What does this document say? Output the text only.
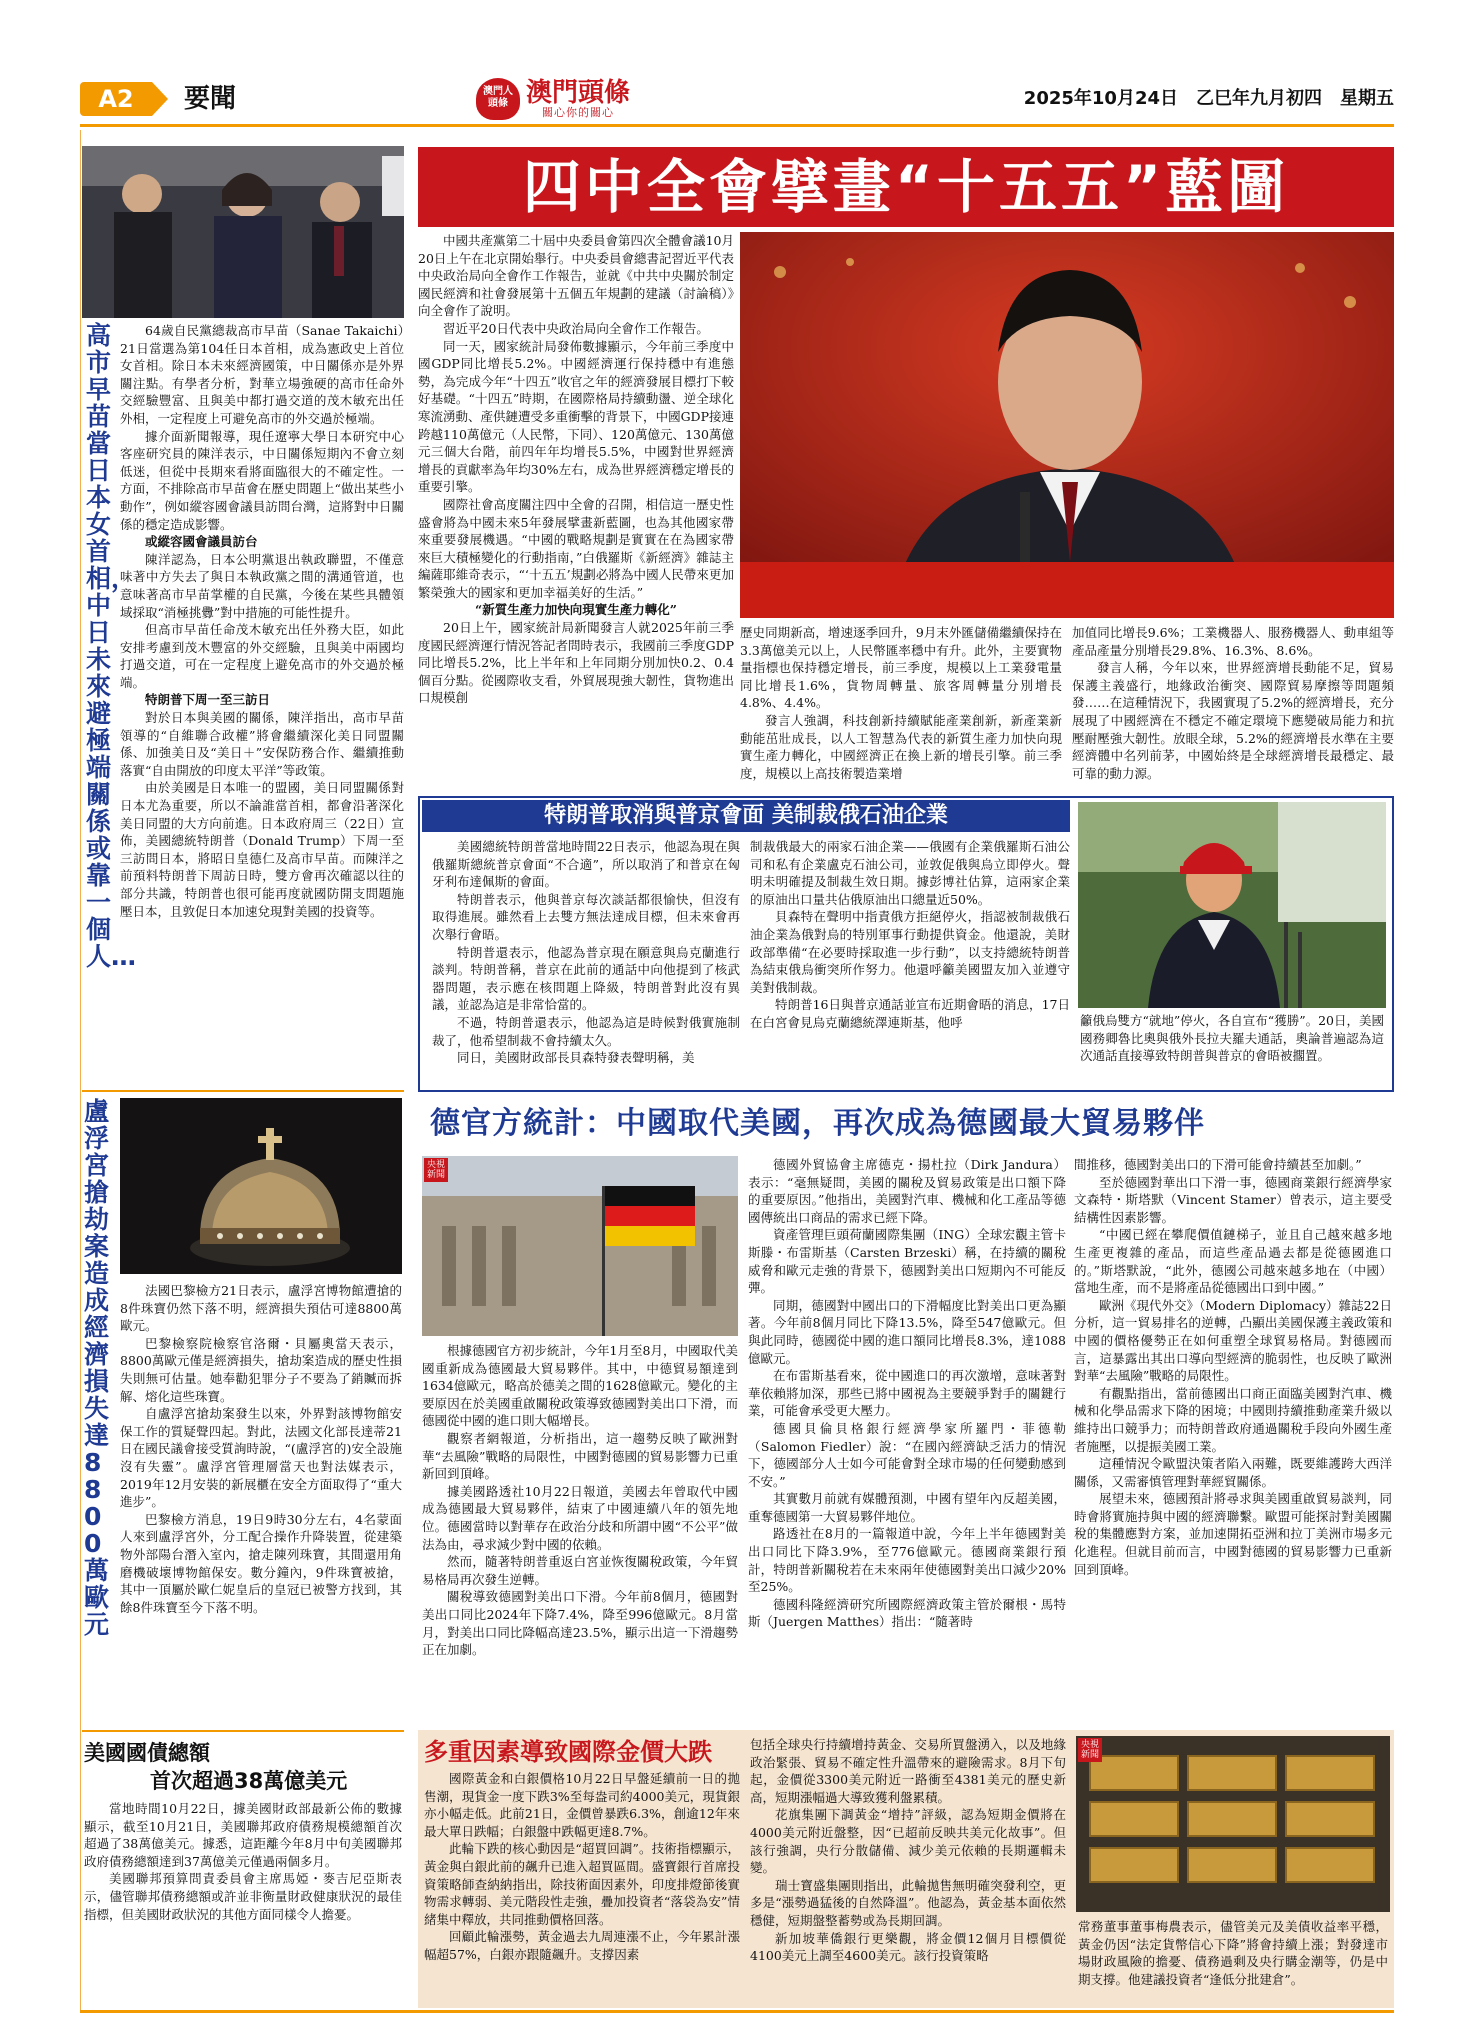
A2	要聞	澳門人 頭條 澳門頭條
關心你的關心
2025年10月24日　乙巳年九月初四　星期五
高市早苗當日本女首相，中日未來避極端關係或靠一個人…

64歲自民黨總裁高市早苗（Sanae Takaichi）21日當選為第104任日本首相，成為憲政史上首位女首相。除日本未來經濟國策，中日關係亦是外界關注點。有學者分析，對華立場強硬的高市任命外交經驗豐富、且與美中都打過交道的茂木敏充出任外相，一定程度上可避免高市的外交過於極端。

據介面新聞報導，現任遼寧大學日本研究中心客座研究員的陳洋表示，中日關係短期內不會立刻低迷，但從中長期來看將面臨很大的不確定性。一方面，不排除高市早苗會在歷史問題上“做出某些小動作”，例如縱容國會議員訪問台灣，這將對中日關係的穩定造成影響。

或縱容國會議員訪台

陳洋認為，日本公明黨退出執政聯盟，不僅意味著中方失去了與日本執政黨之間的溝通管道，也意味著高市早苗掌權的自民黨，今後在某些具體領域採取“消極挑釁”對中措施的可能性提升。

但高市早苗任命茂木敏充出任外務大臣，如此安排考慮到茂木豐富的外交經驗，且與美中兩國均打過交道，可在一定程度上避免高市的外交過於極端。

特朗普下周一至三訪日

對於日本與美國的關係，陳洋指出，高市早苗領導的“自維聯合政權”將會繼續深化美日同盟關係、加強美日及“美日＋”安保防務合作、繼續推動落實“自由開放的印度太平洋”等政策。

由於美國是日本唯一的盟國，美日同盟關係對日本尤為重要，所以不論誰當首相，都會沿著深化美日同盟的大方向前進。日本政府周三（22日）宣佈，美國總統特朗普（Donald Trump）下周一至三訪問日本，將昭日皇德仁及高市早苗。而陳洋之前預料特朗普下周訪日時，雙方會再次確認以往的部分共識，特朗普也很可能再度就國防開支問題施壓日本，且敦促日本加速兌現對美國的投資等。

盧浮宮搶劫案造成經濟損失達8800萬歐元

法國巴黎檢方21日表示，盧浮宮博物館遭搶的8件珠寶仍然下落不明，經濟損失預估可達8800萬歐元。

巴黎檢察院檢察官洛爾・貝屬奧當天表示，8800萬歐元僅是經濟損失，搶劫案造成的歷史性損失則無可估量。她奉勸犯罪分子不要為了銷贓而拆解、熔化這些珠寶。

自盧浮宮搶劫案發生以來，外界對該博物館安保工作的質疑聲四起。對此，法國文化部長達蒂21日在國民議會接受質詢時說，“(盧浮宮的)安全設施沒有失靈”。盧浮宮管理層當天也對法媒表示，2019年12月安裝的新展櫃在安全方面取得了“重大進步”。

巴黎檢方消息，19日9時30分左右，4名蒙面人來到盧浮宮外，分工配合操作升降裝置，從建築物外部陽台潛入室內，搶走陳列珠寶，其間還用角磨機破壞博物館保安。數分鐘內，9件珠寶被搶，其中一頂屬於歐仁妮皇后的皇冠已被警方找到，其餘8件珠寶至今下落不明。

美國國債總額
首次超過38萬億美元

當地時間10月22日，據美國財政部最新公佈的數據顯示，截至10月21日，美國聯邦政府債務規模總額首次超過了38萬億美元。據悉，這距離今年8月中旬美國聯邦政府債務總額達到37萬億美元僅過兩個多月。

美國聯邦預算問責委員會主席馬婭・麥吉尼亞斯表示，儘管聯邦債務總額或許並非衡量財政健康狀況的最佳指標，但美國財政狀況的其他方面同樣令人擔憂。

四中全會擘畫“十五五”藍圖

中國共產黨第二十屆中央委員會第四次全體會議10月20日上午在北京開始舉行。中央委員會總書記習近平代表中央政治局向全會作工作報告，並就《中共中央關於制定國民經濟和社會發展第十五個五年規劃的建議（討論稿）》向全會作了說明。

習近平20日代表中央政治局向全會作工作報告。

同一天，國家統計局發佈數據顯示，今年前三季度中國GDP同比增長5.2%。中國經濟運行保持穩中有進態勢，為完成今年“十四五”收官之年的經濟發展目標打下較好基礎。“十四五”時期，在國際格局持續動盪、逆全球化寒流湧動、產供鏈遭受多重衝擊的背景下，中國GDP接連跨越110萬億元（人民幣，下同）、120萬億元、130萬億元三個大台階，前四年年均增長5.5%，中國對世界經濟增長的貢獻率為年均30%左右，成為世界經濟穩定增長的重要引擎。

國際社會高度關注四中全會的召開，相信這一歷史性盛會將為中國未來5年發展擘畫新藍圖，也為其他國家帶來重要發展機遇。“中國的戰略規劃是實實在在為國家帶來巨大積極變化的行動指南，”白俄羅斯《新經濟》雜誌主編薩耶維奇表示，“‘十五五’規劃必將為中國人民帶來更加繁榮強大的國家和更加幸福美好的生活。”

“新質生產力加快向現實生產力轉化”

20日上午，國家統計局新聞發言人就2025年前三季度國民經濟運行情況答記者問時表示，我國前三季度GDP同比增長5.2%，比上半年和上年同期分別加快0.2、0.4個百分點。從國際收支看，外貿展現強大韌性，貨物進出口規模創

歷史同期新高，增速逐季回升，9月末外匯儲備繼續保持在3.3萬億美元以上，人民幣匯率穩中有升。此外，主要實物量指標也保持穩定增長，前三季度，規模以上工業發電量同比增長1.6%，貨物周轉量、旅客周轉量分別增長4.8%、4.4%。

發言人強調，科技創新持續賦能產業創新，新產業新動能茁壯成長，以人工智慧為代表的新質生產力加快向現實生產力轉化，中國經濟正在換上新的增長引擎。前三季度，規模以上高技術製造業增

加值同比增長9.6%；工業機器人、服務機器人、動車組等產品產量分別增長29.8%、16.3%、8.6%。

發言人稱，今年以來，世界經濟增長動能不足，貿易保護主義盛行，地緣政治衝突、國際貿易摩擦等問題頻發……在這種情況下，我國實現了5.2%的經濟增長，充分展現了中國經濟在不穩定不確定環境下應變破局能力和抗壓耐壓強大韌性。放眼全球，5.2%的經濟增長水準在主要經濟體中名列前茅，中國始終是全球經濟增長最穩定、最可靠的動力源。

特朗普取消與普京會面 美制裁俄石油企業

美國總統特朗普當地時間22日表示，他認為現在與俄羅斯總統普京會面“不合適”，所以取消了和普京在匈牙利布達佩斯的會面。

特朗普表示，他與普京每次談話都很愉快，但沒有取得進展。雖然看上去雙方無法達成目標，但未來會再次舉行會晤。

特朗普還表示，他認為普京現在願意與烏克蘭進行談判。特朗普稱，普京在此前的通話中向他提到了核武器問題，表示應在核問題上降級，特朗普對此沒有異議，並認為這是非常恰當的。

不過，特朗普還表示，他認為這是時候對俄實施制裁了，他希望制裁不會持續太久。

同日，美國財政部長貝森特發表聲明稱，美

制裁俄最大的兩家石油企業——俄國有企業俄羅斯石油公司和私有企業盧克石油公司，並敦促俄與烏立即停火。聲明未明確提及制裁生效日期。據彭博社估算，這兩家企業的原油出口量共佔俄原油出口總量近50%。

貝森特在聲明中指責俄方拒絕停火，指認被制裁俄石油企業為俄對烏的特別軍事行動提供資金。他還說，美財政部準備“在必要時採取進一步行動”，以支持總統特朗普為結束俄烏衝突所作努力。他還呼籲美國盟友加入並遵守美對俄制裁。

特朗普16日與普京通話並宣布近期會晤的消息，17日在白宮會見烏克蘭總統澤連斯基，他呼	籲俄烏雙方“就地”停火，各自宣布“獲勝”。20日，美國國務卿魯比奧與俄外長拉夫羅夫通話，奧論普遍認為這次通話直接導致特朗普與普京的會晤被擱置。
德官方統計：中國取代美國，再次成為德國最大貿易夥伴
央視新聞

根據德國官方初步統計，今年1月至8月，中國取代美國重新成為德國最大貿易夥伴。其中，中德貿易額達到1634億歐元，略高於德美之間的1628億歐元。變化的主要原因在於美國重啟關稅政策導致德國對美出口下滑，而德國從中國的進口則大幅增長。

觀察者網報道，分析指出，這一趨勢反映了歐洲對華“去風險”戰略的局限性，中國對德國的貿易影響力已重新回到頂峰。

據美國路透社10月22日報道，美國去年曾取代中國成為德國最大貿易夥伴，結束了中國連續八年的領先地位。德國當時以對華存在政治分歧和所謂中國“不公平”做法為由，尋求減少對中國的依賴。

然而，隨著特朗普重返白宮並恢復關稅政策，今年貿易格局再次發生逆轉。

關稅導致德國對美出口下滑。今年前8個月，德國對美出口同比2024年下降7.4%，降至996億歐元。8月當月，對美出口同比降幅高達23.5%，顯示出這一下滑趨勢正在加劇。

德國外貿協會主席德克・揚杜拉（Dirk Jandura）表示：“毫無疑問，美國的關稅及貿易政策是出口額下降的重要原因。”他指出，美國對汽車、機械和化工產品等德國傳統出口商品的需求已經下降。

資產管理巨頭荷蘭國際集團（ING）全球宏觀主管卡斯滕・布雷斯基（Carsten Brzeski）稱，在持續的關稅威脅和歐元走強的背景下，德國對美出口短期內不可能反彈。

同期，德國對中國出口的下滑幅度比對美出口更為顯著。今年前8個月同比下降13.5%，降至547億歐元。但與此同時，德國從中國的進口額同比增長8.3%，達1088億歐元。

在布雷斯基看來，從中國進口的再次激增，意味著對華依賴將加深，那些已將中國視為主要競爭對手的關鍵行業，可能會承受更大壓力。

德國貝倫貝格銀行經濟學家所羅門・菲德勒（Salomon Fiedler）說：“在國內經濟缺乏活力的情況下，德國部分人士如今可能會對全球市場的任何變動感到不安。”

其實數月前就有媒體預測，中國有望年內反超美國，重奪德國第一大貿易夥伴地位。

路透社在8月的一篇報道中說，今年上半年德國對美出口同比下降3.9%，至776億歐元。德國商業銀行預計，特朗普新關稅若在未來兩年使德國對美出口減少20%至25%。

德國科隆經濟研究所國際經濟政策主管於爾根・馬特斯（Juergen Matthes）指出：“隨著時

間推移，德國對美出口的下滑可能會持續甚至加劇。”

至於德國對華出口下滑一事，德國商業銀行經濟學家文森特・斯塔默（Vincent Stamer）曾表示，這主要受結構性因素影響。

“中國已經在攀爬價值鏈梯子，並且自己越來越多地生產更複雜的產品，而這些產品過去都是從德國進口的。”斯塔默說，“此外，德國公司越來越多地在（中國）當地生產，而不是將產品從德國出口到中國。”

歐洲《現代外交》（Modern Diplomacy）雜誌22日分析，這一貿易排名的逆轉，凸顯出美國保護主義政策和中國的價格優勢正在如何重塑全球貿易格局。對德國而言，這暴露出其出口導向型經濟的脆弱性，也反映了歐洲對華“去風險”戰略的局限性。

有觀點指出，當前德國出口商正面臨美國對汽車、機械和化學品需求下降的困境；中國則持續推動產業升級以維持出口競爭力；而特朗普政府通過關稅手段向外國生產者施壓，以提振美國工業。

這種情況令歐盟決策者陷入兩難，既要維護跨大西洋關係，又需審慎管理對華經貿關係。

展望未來，德國預計將尋求與美國重啟貿易談判，同時會將實施持與中國的經濟聯繫。歐盟可能探討對美國關稅的集體應對方案，並加速開拓亞洲和拉丁美洲市場多元化進程。但就目前而言，中國對德國的貿易影響力已重新回到頂峰。

多重因素導致國際金價大跌

國際黃金和白銀價格10月22日早盤延續前一日的拋售潮，現貨金一度下跌3%至每盎司約4000美元，現貨銀亦小幅走低。此前21日，金價曾暴跌6.3%，創逾12年來最大單日跌幅；白銀盤中跌幅更達8.7%。

此輪下跌的核心動因是“超買回調”。技術指標顯示，黃金與白銀此前的飆升已進入超買區間。盛寶銀行首席投資策略師查納納指出，除技術面因素外，印度排燈節後實物需求轉弱、美元階段性走強，疊加投資者“落袋為安”情緒集中釋放，共同推動價格回落。

回顧此輪漲勢，黃金過去九周連漲不止，今年累計漲幅超57%，白銀亦跟隨飆升。支撐因素

包括全球央行持續增持黃金、交易所買盤湧入，以及地緣政治緊張、貿易不確定性升溫帶來的避險需求。8月下旬起，金價從3300美元附近一路衝至4381美元的歷史新高，短期漲幅過大導致獲利盤累積。

花旗集團下調黃金“增持”評級，認為短期金價將在4000美元附近盤整，因“已超前反映共美元化故事”。但該行強調，央行分散儲備、減少美元依賴的長期邏輯未變。

瑞士寶盛集團則指出，此輪拋售無明確突發利空，更多是“漲勢過猛後的自然降溫”。他認為，黃金基本面依然穩健，短期盤整蓄勢或為長期回調。

新加坡華僑銀行更樂觀，將金價12個月目標價從4100美元上調至4600美元。該行投資策略

央視新聞
常務董事董事梅農表示，儘管美元及美債收益率平穩，黃金仍因“法定貨幣信心下降”將會持續上漲；對發達市場財政風險的擔憂、債務過剩及央行購金潮等，仍是中期支撐。他建議投資者“逢低分批建倉”。
